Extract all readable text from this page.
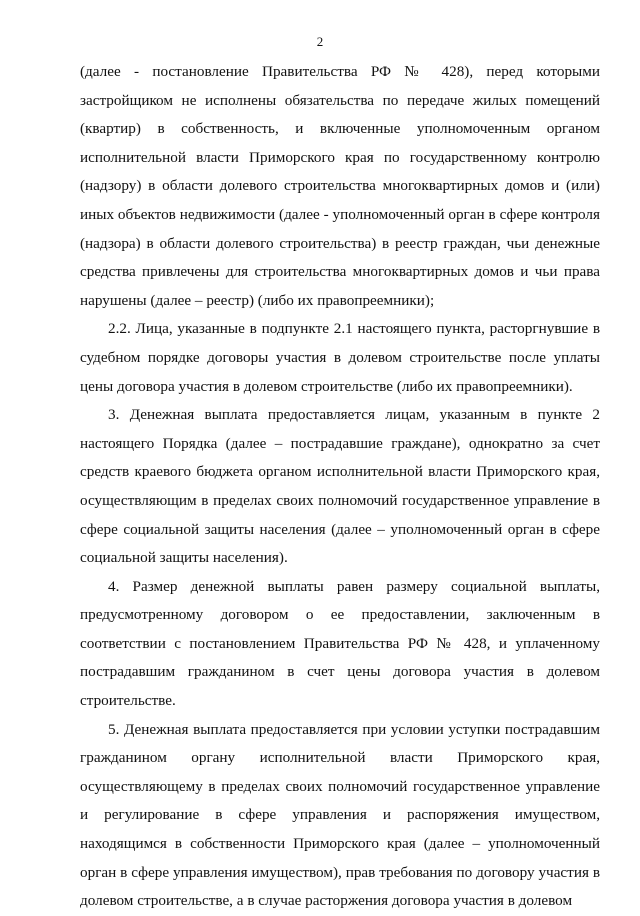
2

(далее - постановление Правительства РФ № 428), перед которыми застройщиком не исполнены обязательства по передаче жилых помещений (квартир) в собственность, и включенные уполномоченным органом исполнительной власти Приморского края по государственному контролю (надзору) в области долевого строительства многоквартирных домов и (или) иных объектов недвижимости (далее - уполномоченный орган в сфере контроля (надзора) в области долевого строительства) в реестр граждан, чьи денежные средства привлечены для строительства многоквартирных домов и чьи права нарушены (далее – реестр) (либо их правопреемники);

2.2. Лица, указанные в подпункте 2.1 настоящего пункта, расторгнувшие в судебном порядке договоры участия в долевом строительстве после уплаты цены договора участия в долевом строительстве (либо их правопреемники).

3. Денежная выплата предоставляется лицам, указанным в пункте 2 настоящего Порядка (далее – пострадавшие граждане), однократно за счет средств краевого бюджета органом исполнительной власти Приморского края, осуществляющим в пределах своих полномочий государственное управление в сфере социальной защиты населения (далее – уполномоченный орган в сфере социальной защиты населения).

4. Размер денежной выплаты равен размеру социальной выплаты, предусмотренному договором о ее предоставлении, заключенным в соответствии с постановлением Правительства РФ № 428, и уплаченному пострадавшим гражданином в счет цены договора участия в долевом строительстве.

5. Денежная выплата предоставляется при условии уступки пострадавшим гражданином органу исполнительной власти Приморского края, осуществляющему в пределах своих полномочий государственное управление и регулирование в сфере управления и распоряжения имуществом, находящимся в собственности Приморского края (далее – уполномоченный орган в сфере управления имуществом), прав требования по договору участия в долевом строительстве, а в случае расторжения договора участия в долевом
